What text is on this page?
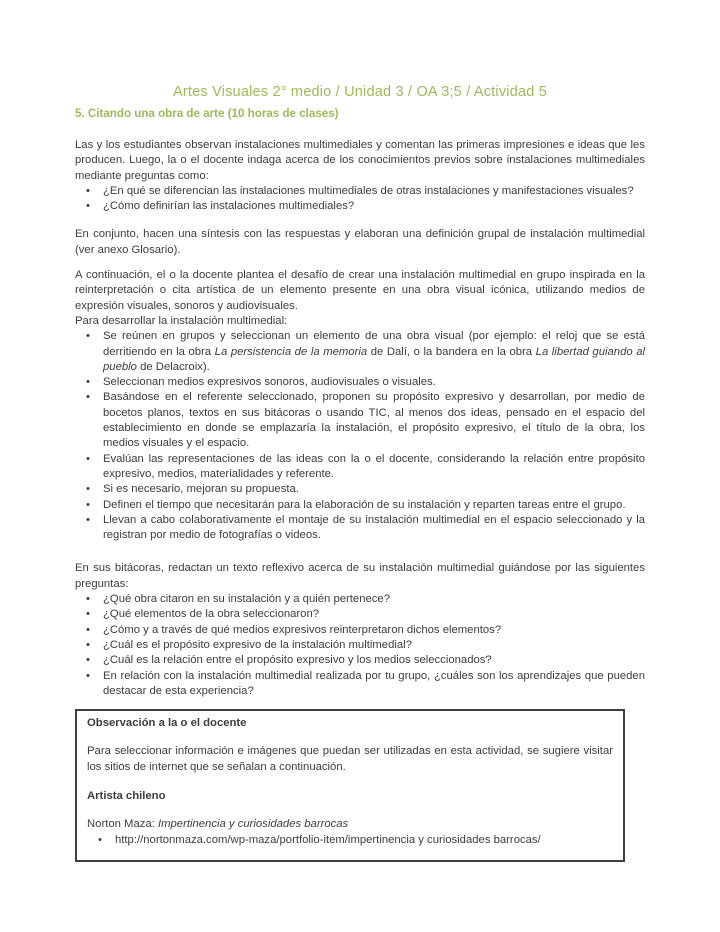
Artes Visuales 2° medio / Unidad 3 / OA 3;5 / Actividad 5
5. Citando una obra de arte (10 horas de clases)

Las y los estudiantes observan instalaciones multimediales y comentan las primeras impresiones e ideas que les producen. Luego, la o el docente indaga acerca de los conocimientos previos sobre instalaciones multimediales mediante preguntas como:

• ¿En qué se diferencian las instalaciones multimediales de otras instalaciones y manifestaciones visuales?
• ¿Cómo definirían las instalaciones multimediales?

En conjunto, hacen una síntesis con las respuestas y elaboran una definición grupal de instalación multimedial (ver anexo Glosario).

A continuación, el o la docente plantea el desafío de crear una instalación multimedial en grupo inspirada en la reinterpretación o cita artística de un elemento presente en una obra visual icónica, utilizando medios de expresión visuales, sonoros y audiovisuales.

Para desarrollar la instalación multimedial:

• Se reúnen en grupos y seleccionan un elemento de una obra visual (por ejemplo: el reloj que se está derritiendo en la obra La persistencia de la memoria de Dalí, o la bandera en la obra La libertad guiando al pueblo de Delacroix).
• Seleccionan medios expresivos sonoros, audiovisuales o visuales.
• Basándose en el referente seleccionado, proponen su propósito expresivo y desarrollan, por medio de bocetos planos, textos en sus bitácoras o usando TIC, al menos dos ideas, pensado en el espacio del establecimiento en donde se emplazaría la instalación, el propósito expresivo, el título de la obra, los medios visuales y el espacio.
• Evalúan las representaciones de las ideas con la o el docente, considerando la relación entre propósito expresivo, medios, materialidades y referente.
• Si es necesario, mejoran su propuesta.
• Definen el tiempo que necesitarán para la elaboración de su instalación y reparten tareas entre el grupo.
• Llevan a cabo colaborativamente el montaje de su instalación multimedial en el espacio seleccionado y la registran por medio de fotografías o videos.

En sus bitácoras, redactan un texto reflexivo acerca de su instalación multimedial guiándose por las siguientes preguntas:

• ¿Qué obra citaron en su instalación y a quién pertenece?
• ¿Qué elementos de la obra seleccionaron?
• ¿Cómo y a través de qué medios expresivos reinterpretaron dichos elementos?
• ¿Cuál es el propósito expresivo de la instalación multimedial?
• ¿Cuál es la relación entre el propósito expresivo y los medios seleccionados?
• En relación con la instalación multimedial realizada por tu grupo, ¿cuáles son los aprendizajes que pueden destacar de esta experiencia?

Observación a la o el docente

Para seleccionar información e imágenes que puedan ser utilizadas en esta actividad, se sugiere visitar los sitios de internet que se señalan a continuación.

Artista chileno

Norton Maza: Impertinencia y curiosidades barrocas

• http://nortonmaza.com/wp-maza/portfolio-item/impertinencia y curiosidades barrocas/
